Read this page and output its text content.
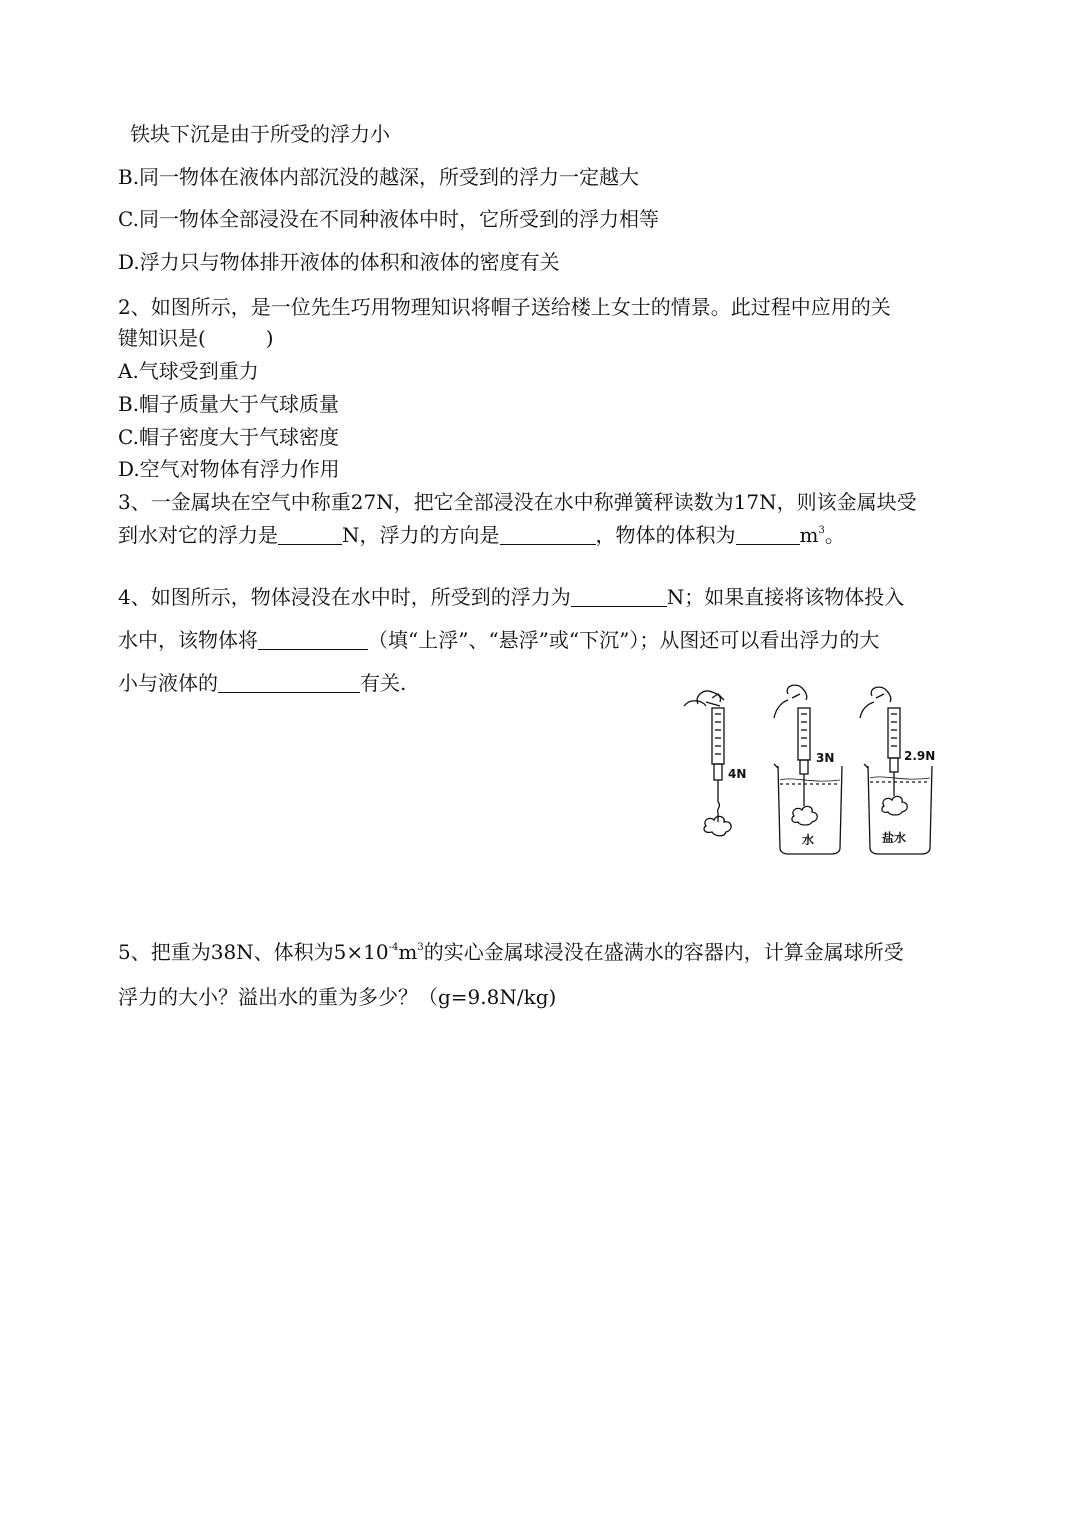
铁块下沉是由于所受的浮力小
B.同一物体在液体内部沉没的越深，所受到的浮力一定越大
C.同一物体全部浸没在不同种液体中时，它所受到的浮力相等
D.浮力只与物体排开液体的体积和液体的密度有关
2、如图所示，是一位先生巧用物理知识将帽子送给楼上女士的情景。此过程中应用的关
键知识是(　　　)
A.气球受到重力
B.帽子质量大于气球质量
C.帽子密度大于气球密度
D.空气对物体有浮力作用
3、一金属块在空气中称重27N，把它全部浸没在水中称弹簧秤读数为17N，则该金属块受
到水对它的浮力是	N，浮力的方向是	，物体的体积为	$m^3$。
4、如图所示，物体浸没在水中时，所受到的浮力为	N；如果直接将该物体投入
水中，该物体将	（填“上浮”、“悬浮”或“下沉”）；从图还可以看出浮力的大
小与液体的	有关.
4N
3N	2.9N
水	盐水
5、把重为38N、体积为$5\times 10^{-4}m^3$的实心金属球浸没在盛满水的容器内，计算金属球所受
浮力的大小？溢出水的重为多少？（g=9.8N/kg)
